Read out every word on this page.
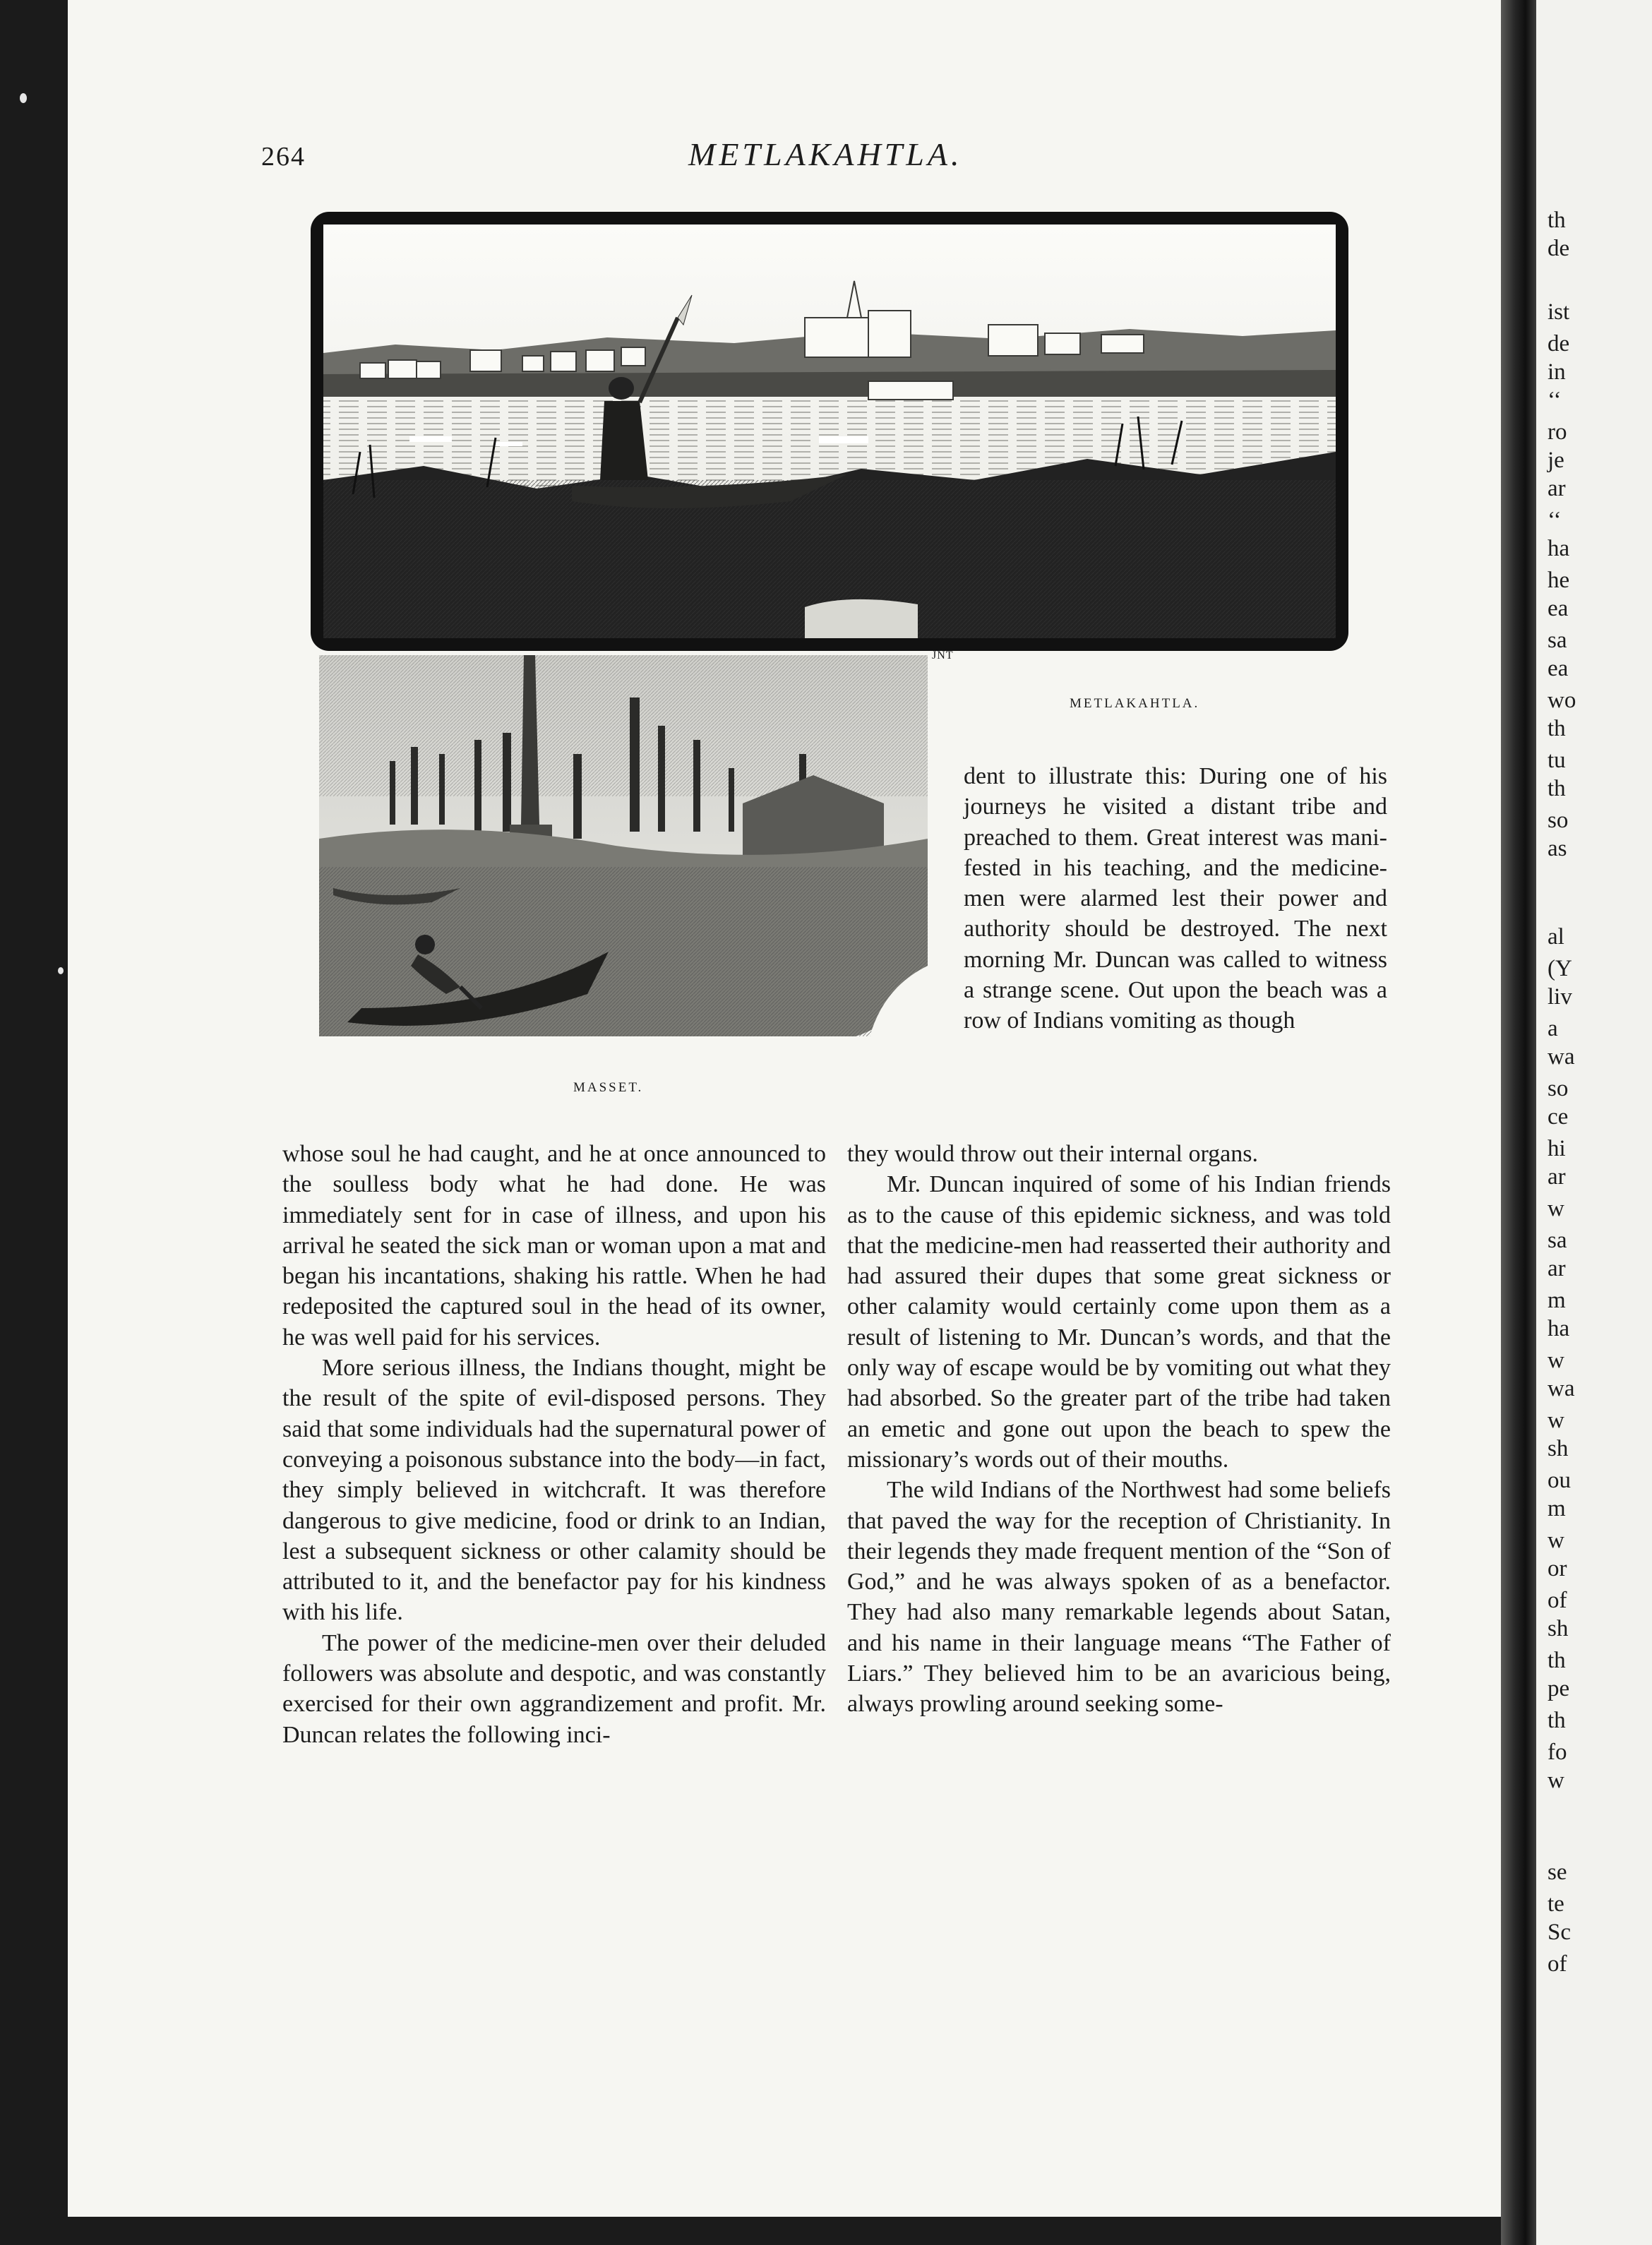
th
de
ist
de
in
‘‘
ro
je
ar
‘‘
ha
he
ea
sa
ea
wo
th
tu
th
so
as
al
(Y
liv
a
wa
so
ce
hi
ar
w
sa
ar
m
ha
w
wa
w
sh
ou
m
w
or
of
sh
th
pe
th
fo
w
se
te
Sc
of
264	METLAKAHTLA.
JNT
METLAKAHTLA.
MASSET.

dent to illustrate this: During one of his journeys he visited a distant tribe and preached to them. Great interest was manifested in his teaching, and the medicine-men were alarmed lest their power and authority should be destroyed. The next morning Mr. Duncan was called to witness a strange scene. Out upon the beach was a row of Indians vomiting as though

whose soul he had caught, and he at once announced to the soulless body what he had done. He was immediately sent for in case of illness, and upon his arrival he seated the sick man or woman upon a mat and began his incantations, shaking his rattle. When he had redeposited the captured soul in the head of its owner, he was well paid for his services.

More serious illness, the Indians thought, might be the result of the spite of evil-disposed persons. They said that some individuals had the supernatural power of conveying a poisonous substance into the body—in fact, they simply believed in witchcraft. It was therefore dangerous to give medicine, food or drink to an Indian, lest a subsequent sickness or other calamity should be attributed to it, and the benefactor pay for his kindness with his life.

The power of the medicine-men over their deluded followers was absolute and despotic, and was constantly exercised for their own aggrandizement and profit. Mr. Duncan relates the following inci-

they would throw out their internal organs.

Mr. Duncan inquired of some of his Indian friends as to the cause of this epidemic sickness, and was told that the medicine-men had reasserted their authority and had assured their dupes that some great sickness or other calamity would certainly come upon them as a result of listening to Mr. Duncan’s words, and that the only way of escape would be by vomiting out what they had absorbed. So the greater part of the tribe had taken an emetic and gone out upon the beach to spew the missionary’s words out of their mouths.

The wild Indians of the Northwest had some beliefs that paved the way for the reception of Christianity. In their legends they made frequent mention of the “Son of God,” and he was always spoken of as a benefactor. They had also many remarkable legends about Satan, and his name in their language means “The Father of Liars.” They believed him to be an avaricious being, always prowling around seeking some-
